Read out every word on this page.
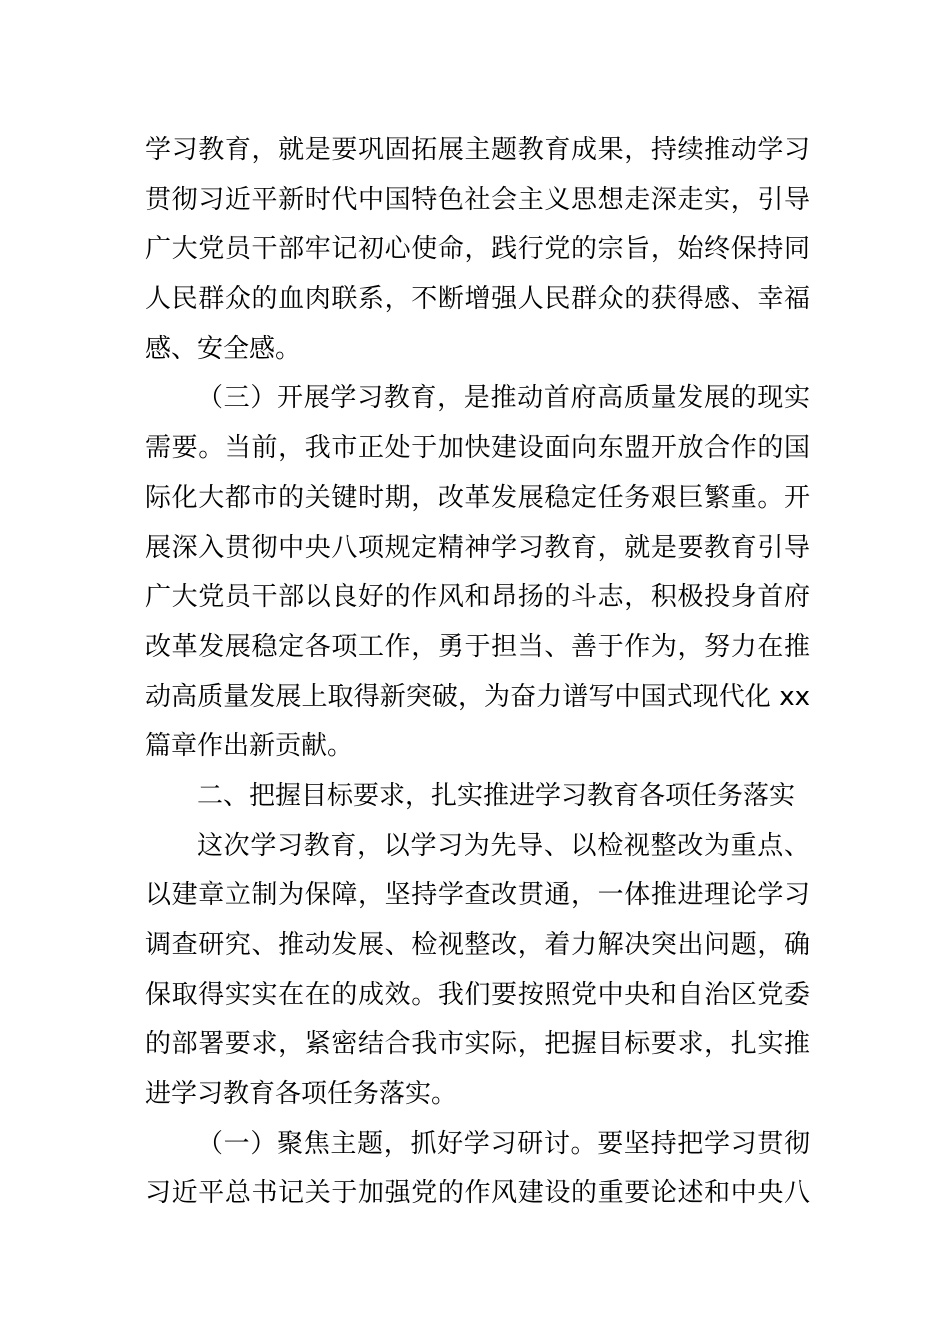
学习教育，就是要巩固拓展主题教育成果，持续推动学习
贯彻习近平新时代中国特色社会主义思想走深走实，引导
广大党员干部牢记初心使命，践行党的宗旨，始终保持同
人民群众的血肉联系，不断增强人民群众的获得感、幸福
感、安全感。
（三）开展学习教育，是推动首府高质量发展的现实
需要。当前，我市正处于加快建设面向东盟开放合作的国
际化大都市的关键时期，改革发展稳定任务艰巨繁重。开
展深入贯彻中央八项规定精神学习教育，就是要教育引导
广大党员干部以良好的作风和昂扬的斗志，积极投身首府
改革发展稳定各项工作，勇于担当、善于作为，努力在推
动高质量发展上取得新突破，为奋力谱写中国式现代化 xx
篇章作出新贡献。
二、把握目标要求，扎实推进学习教育各项任务落实
这次学习教育，以学习为先导、以检视整改为重点、
以建章立制为保障，坚持学查改贯通，一体推进理论学习
调查研究、推动发展、检视整改，着力解决突出问题，确
保取得实实在在的成效。我们要按照党中央和自治区党委
的部署要求，紧密结合我市实际，把握目标要求，扎实推
进学习教育各项任务落实。
（一）聚焦主题，抓好学习研讨。要坚持把学习贯彻
习近平总书记关于加强党的作风建设的重要论述和中央八
